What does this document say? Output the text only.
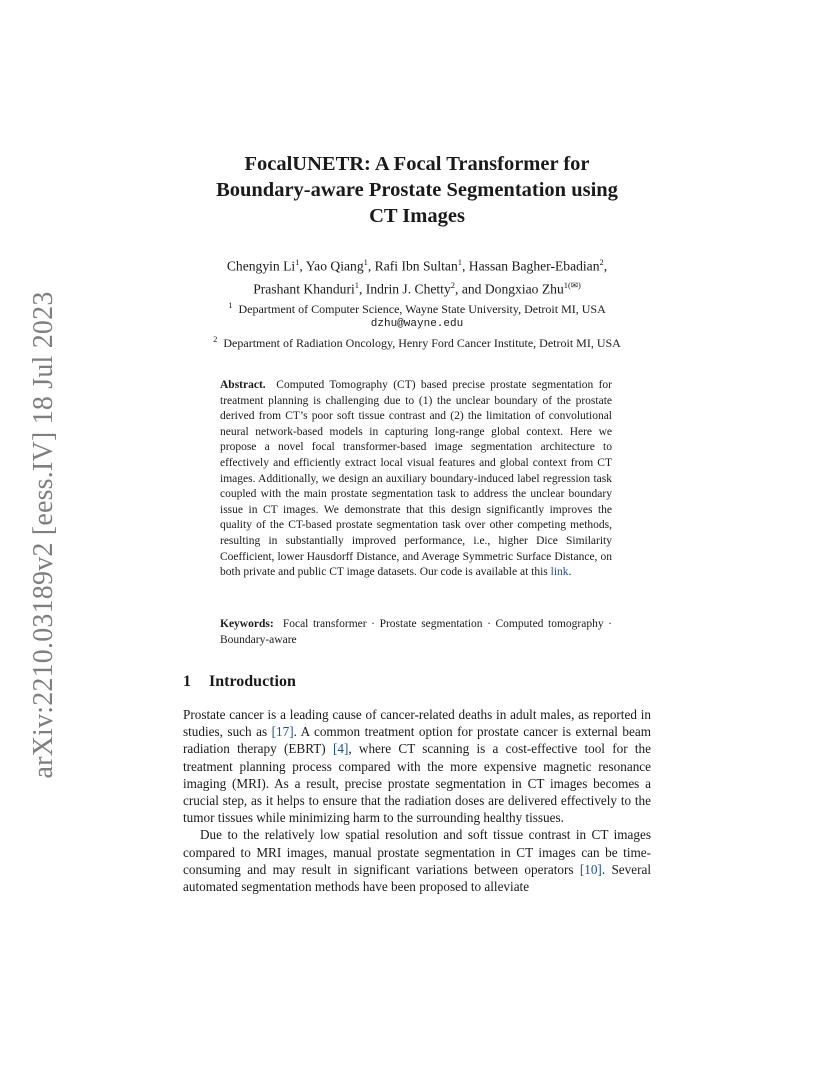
arXiv:2210.03189v2 [eess.IV] 18 Jul 2023
FocalUNETR: A Focal Transformer for
Boundary-aware Prostate Segmentation using
CT Images
Chengyin Li$^1$, Yao Qiang$^1$, Rafi Ibn Sultan$^1$, Hassan Bagher-Ebadian$^2$,
Prashant Khanduri$^1$, Indrin J. Chetty$^2$, and Dongxiao Zhu$^{1(✉)}$
$^1$ Department of Computer Science, Wayne State University, Detroit MI, USA
dzhu@wayne.edu
$^2$ Department of Radiation Oncology, Henry Ford Cancer Institute, Detroit MI, USA
Abstract. Computed Tomography (CT) based precise prostate segmentation for treatment planning is challenging due to (1) the unclear boundary of the prostate derived from CT’s poor soft tissue contrast and (2) the limitation of convolutional neural network-based models in capturing long-range global context. Here we propose a novel focal transformer-based image segmentation architecture to effectively and efficiently extract local visual features and global context from CT images. Additionally, we design an auxiliary boundary-induced label regression task coupled with the main prostate segmentation task to address the unclear boundary issue in CT images. We demonstrate that this design significantly improves the quality of the CT-based prostate segmentation task over other competing methods, resulting in substantially improved performance, i.e., higher Dice Similarity Coefficient, lower Hausdorff Distance, and Average Symmetric Surface Distance, on both private and public CT image datasets. Our code is available at this link.
Keywords: Focal transformer · Prostate segmentation · Computed tomography · Boundary-aware
1 Introduction

Prostate cancer is a leading cause of cancer-related deaths in adult males, as reported in studies, such as [17]. A common treatment option for prostate cancer is external beam radiation therapy (EBRT) [4], where CT scanning is a cost-effective tool for the treatment planning process compared with the more expensive magnetic resonance imaging (MRI). As a result, precise prostate segmentation in CT images becomes a crucial step, as it helps to ensure that the radiation doses are delivered effectively to the tumor tissues while minimizing harm to the surrounding healthy tissues.

Due to the relatively low spatial resolution and soft tissue contrast in CT images compared to MRI images, manual prostate segmentation in CT images can be time-consuming and may result in significant variations between operators [10]. Several automated segmentation methods have been proposed to alleviate
